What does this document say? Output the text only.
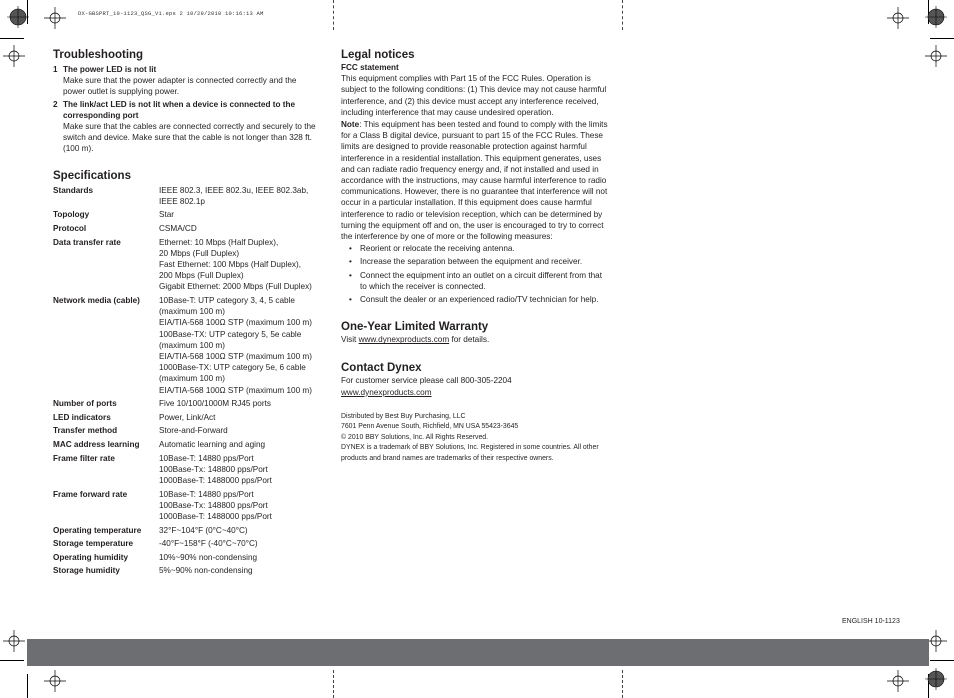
DX-GBSPRT_10-1123_QSG_V1.eps 2 10/29/2010 10:16:13 AM
Troubleshooting
1 The power LED is not lit
Make sure that the power adapter is connected correctly and the power outlet is supplying power.
2 The link/act LED is not lit when a device is connected to the
corresponding port
Make sure that the cables are connected correctly and securely to the switch and device. Make sure that the cable is not longer than 328 ft. (100 m).
Specifications
Standards	IEEE 802.3, IEEE 802.3u, IEEE 802.3ab,
IEEE 802.1p
Topology	Star
Protocol	CSMA/CD
Data transfer rate	Ethernet: 10 Mbps (Half Duplex),
20 Mbps (Full Duplex)
Fast Ethernet: 100 Mbps (Half Duplex),
200 Mbps (Full Duplex)
Gigabit Ethernet: 2000 Mbps (Full Duplex)
Network media (cable)	10Base-T: UTP category 3, 4, 5 cable
(maximum 100 m)
EIA/TIA-568 100Ω STP (maximum 100 m)
100Base-TX: UTP category 5, 5e cable
(maximum 100 m)
EIA/TIA-568 100Ω STP (maximum 100 m)
1000Base-TX: UTP category 5e, 6 cable
(maximum 100 m)
EIA/TIA-568 100Ω STP (maximum 100 m)
Number of ports	Five 10/100/1000M RJ45 ports
LED indicators	Power, Link/Act
Transfer method	Store-and-Forward
MAC address learning	Automatic learning and aging
Frame filter rate	10Base-T: 14880 pps/Port
100Base-Tx: 148800 pps/Port
1000Base-T: 1488000 pps/Port
Frame forward rate	10Base-T: 14880 pps/Port
100Base-Tx: 148800 pps/Port
1000Base-T: 1488000 pps/Port
Operating temperature	32°F~104°F (0°C~40°C)
Storage temperature	-40°F~158°F (-40°C~70°C)
Operating humidity	10%~90% non-condensing
Storage humidity	5%~90% non-condensing
Legal notices
FCC statement

This equipment complies with Part 15 of the FCC Rules. Operation is subject to the following conditions: (1) This device may not cause harmful interference, and (2) this device must accept any interference received, including interference that may cause undesired operation.

Note: This equipment has been tested and found to comply with the limits for a Class B digital device, pursuant to part 15 of the FCC Rules. These limits are designed to provide reasonable protection against harmful interference in a residential installation. This equipment generates, uses and can radiate radio frequency energy and, if not installed and used in accordance with the instructions, may cause harmful interference to radio communications. However, there is no guarantee that interference will not occur in a particular installation. If this equipment does cause harmful interference to radio or television reception, which can be determined by turning the equipment off and on, the user is encouraged to try to correct the interference by one of more or the following measures:

• Reorient or relocate the receiving antenna.
• Increase the separation between the equipment and receiver.
• Connect the equipment into an outlet on a circuit different from that to which the receiver is connected.
• Consult the dealer or an experienced radio/TV technician for help.
One-Year Limited Warranty
Visit www.dynexproducts.com for details.
Contact Dynex
For customer service please call 800-305-2204
www.dynexproducts.com
Distributed by Best Buy Purchasing, LLC
7601 Penn Avenue South, Richfield, MN USA 55423-3645
© 2010 BBY Solutions, Inc. All Rights Reserved.
DYNEX is a trademark of BBY Solutions, Inc. Registered in some countries. All other products and brand names are trademarks of their respective owners.
ENGLISH 10-1123
